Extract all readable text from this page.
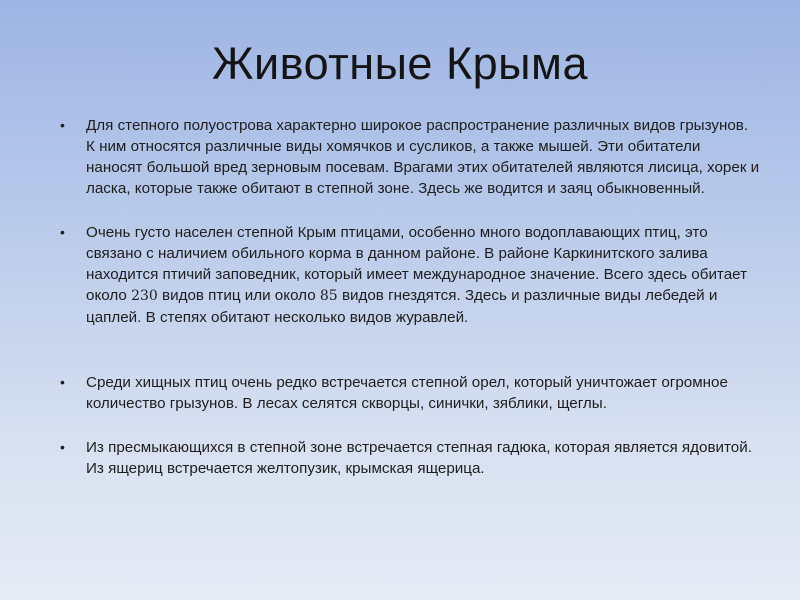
Животные Крыма
• Для степного полуострова характерно широкое распространение различных видов грызунов. К ним относятся различные виды хомячков и сусликов, а также мышей. Эти обитатели наносят большой вред зерновым посевам. Врагами этих обитателей являются лисица, хорек и ласка, которые также обитают в степной зоне. Здесь же водится и заяц обыкновенный.
• Очень густо населен степной Крым птицами, особенно много водоплавающих птиц, это связано с наличием обильного корма в данном районе. В районе Каркинитского залива находится птичий заповедник, который имеет международное значение. Всего здесь обитает около 230 видов птиц или около 85 видов гнездятся. Здесь и различные виды лебедей и цаплей. В степях обитают несколько видов журавлей.
• Среди хищных птиц очень редко встречается степной орел, который уничтожает огромное количество грызунов. В лесах селятся скворцы, синички, зяблики, щеглы.
• Из пресмыкающихся в степной зоне встречается степная гадюка, которая является ядовитой. Из ящериц встречается желтопузик, крымская ящерица.
